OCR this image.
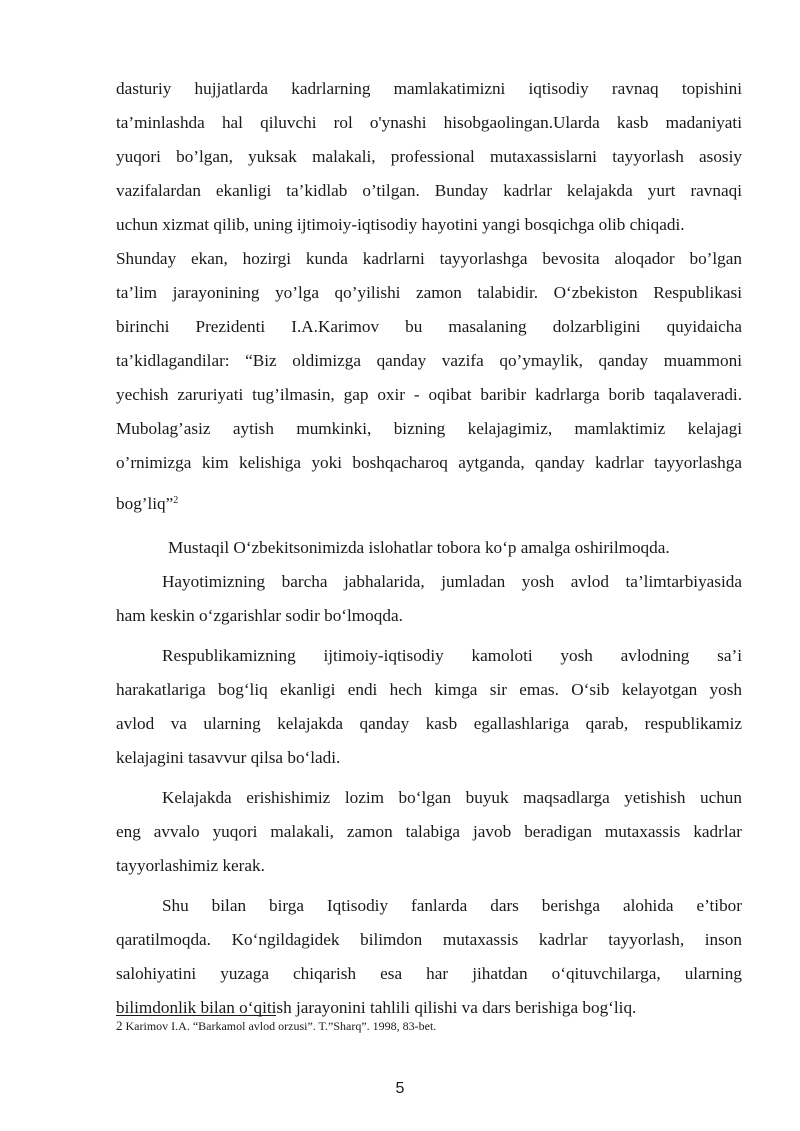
dasturiy hujjatlarda kadrlarning mamlakatimizni iqtisodiy ravnaq topishini
ta’minlashda hal qiluvchi rol o'ynashi hisobgaolingan.Ularda kasb madaniyati
yuqori bo’lgan, yuksak malakali, professional mutaxassislarni tayyorlash asosiy
vazifalardan ekanligi ta’kidlab o’tilgan. Bunday kadrlar kelajakda yurt ravnaqi
uchun xizmat qilib, uning ijtimoiy-iqtisodiy hayotini yangi bosqichga olib chiqadi.
Shunday ekan, hozirgi kunda kadrlarni tayyorlashga bevosita aloqador bo’lgan
ta’lim jarayonining yo’lga qo’yilishi zamon talabidir. O‘zbekiston Respublikasi
birinchi Prezidenti I.A.Karimov bu masalaning dolzarbligini quyidaicha
ta’kidlagandilar: “Biz oldimizga qanday vazifa qo’ymaylik, qanday muammoni
yechish zaruriyati tug’ilmasin, gap oxir - oqibat baribir kadrlarga borib taqalaveradi.
Mubolag’asiz aytish mumkinki, bizning kelajagimiz, mamlaktimiz kelajagi
o’rnimizga kim kelishiga yoki boshqacharoq aytganda, qanday kadrlar tayyorlashga
bog’liq”$^2$
Mustaqil O‘zbekitsonimizda islohatlar tobora ko‘p amalga oshirilmoqda.
Hayotimizning barcha jabhalarida, jumladan yosh avlod ta’limtarbiyasida
ham keskin o‘zgarishlar sodir bo‘lmoqda.
Respublikamizning ijtimoiy-iqtisodiy kamoloti yosh avlodning sa’i
harakatlariga bog‘liq ekanligi endi hech kimga sir emas. O‘sib kelayotgan yosh
avlod va ularning kelajakda qanday kasb egallashlariga qarab, respublikamiz
kelajagini tasavvur qilsa bo‘ladi.
Kelajakda erishishimiz lozim bo‘lgan buyuk maqsadlarga yetishish uchun
eng avvalo yuqori malakali, zamon talabiga javob beradigan mutaxassis kadrlar
tayyorlashimiz kerak.
Shu bilan birga Iqtisodiy fanlarda dars berishga alohida e’tibor
qaratilmoqda. Ko‘ngildagidek bilimdon mutaxassis kadrlar tayyorlash, inson
salohiyatini yuzaga chiqarish esa har jihatdan o‘qituvchilarga, ularning
bilimdonlik bilan o‘qitish jarayonini tahlili qilishi va dars berishiga bog‘liq.
2 Karimov I.A. “Barkamol avlod orzusi”. T.”Sharq”. 1998, 83-bet.
5
